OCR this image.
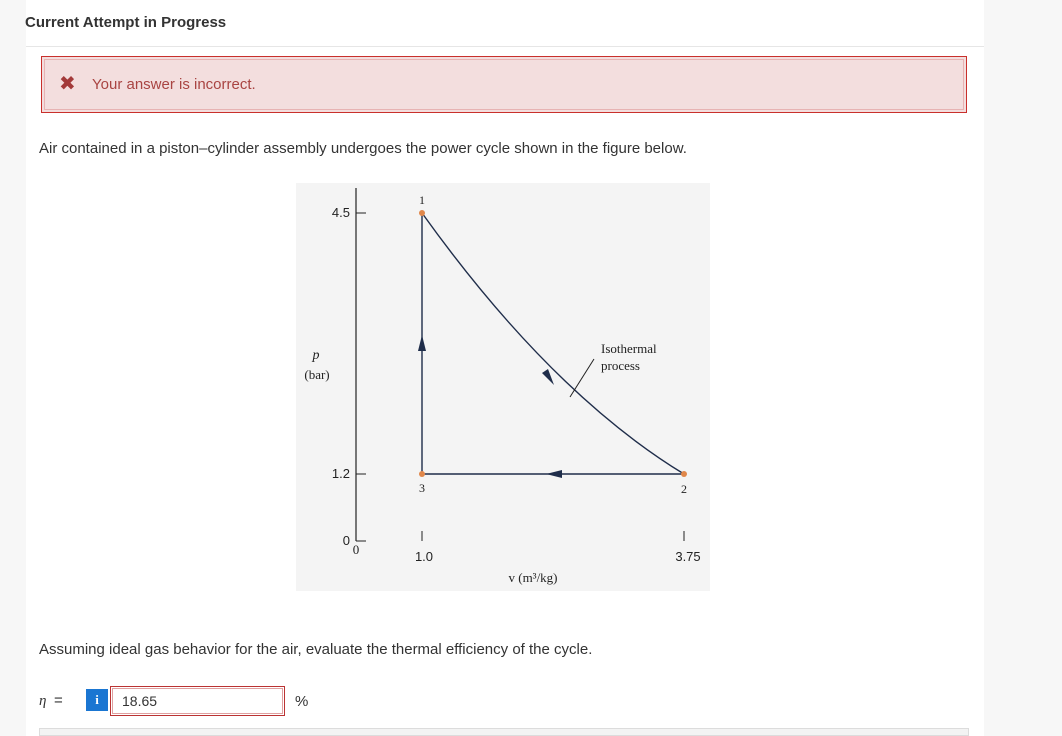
Current Attempt in Progress
✖ Your answer is incorrect.
Air contained in a piston–cylinder assembly undergoes the power cycle shown in the figure below.
4.5
1.2
0
0	1.0	3.75
p
(bar)
v (m³/kg)
1
2
3
Isothermal
process
Assuming ideal gas behavior for the air, evaluate the thermal efficiency of the cycle.
η =	i	18.65	%
